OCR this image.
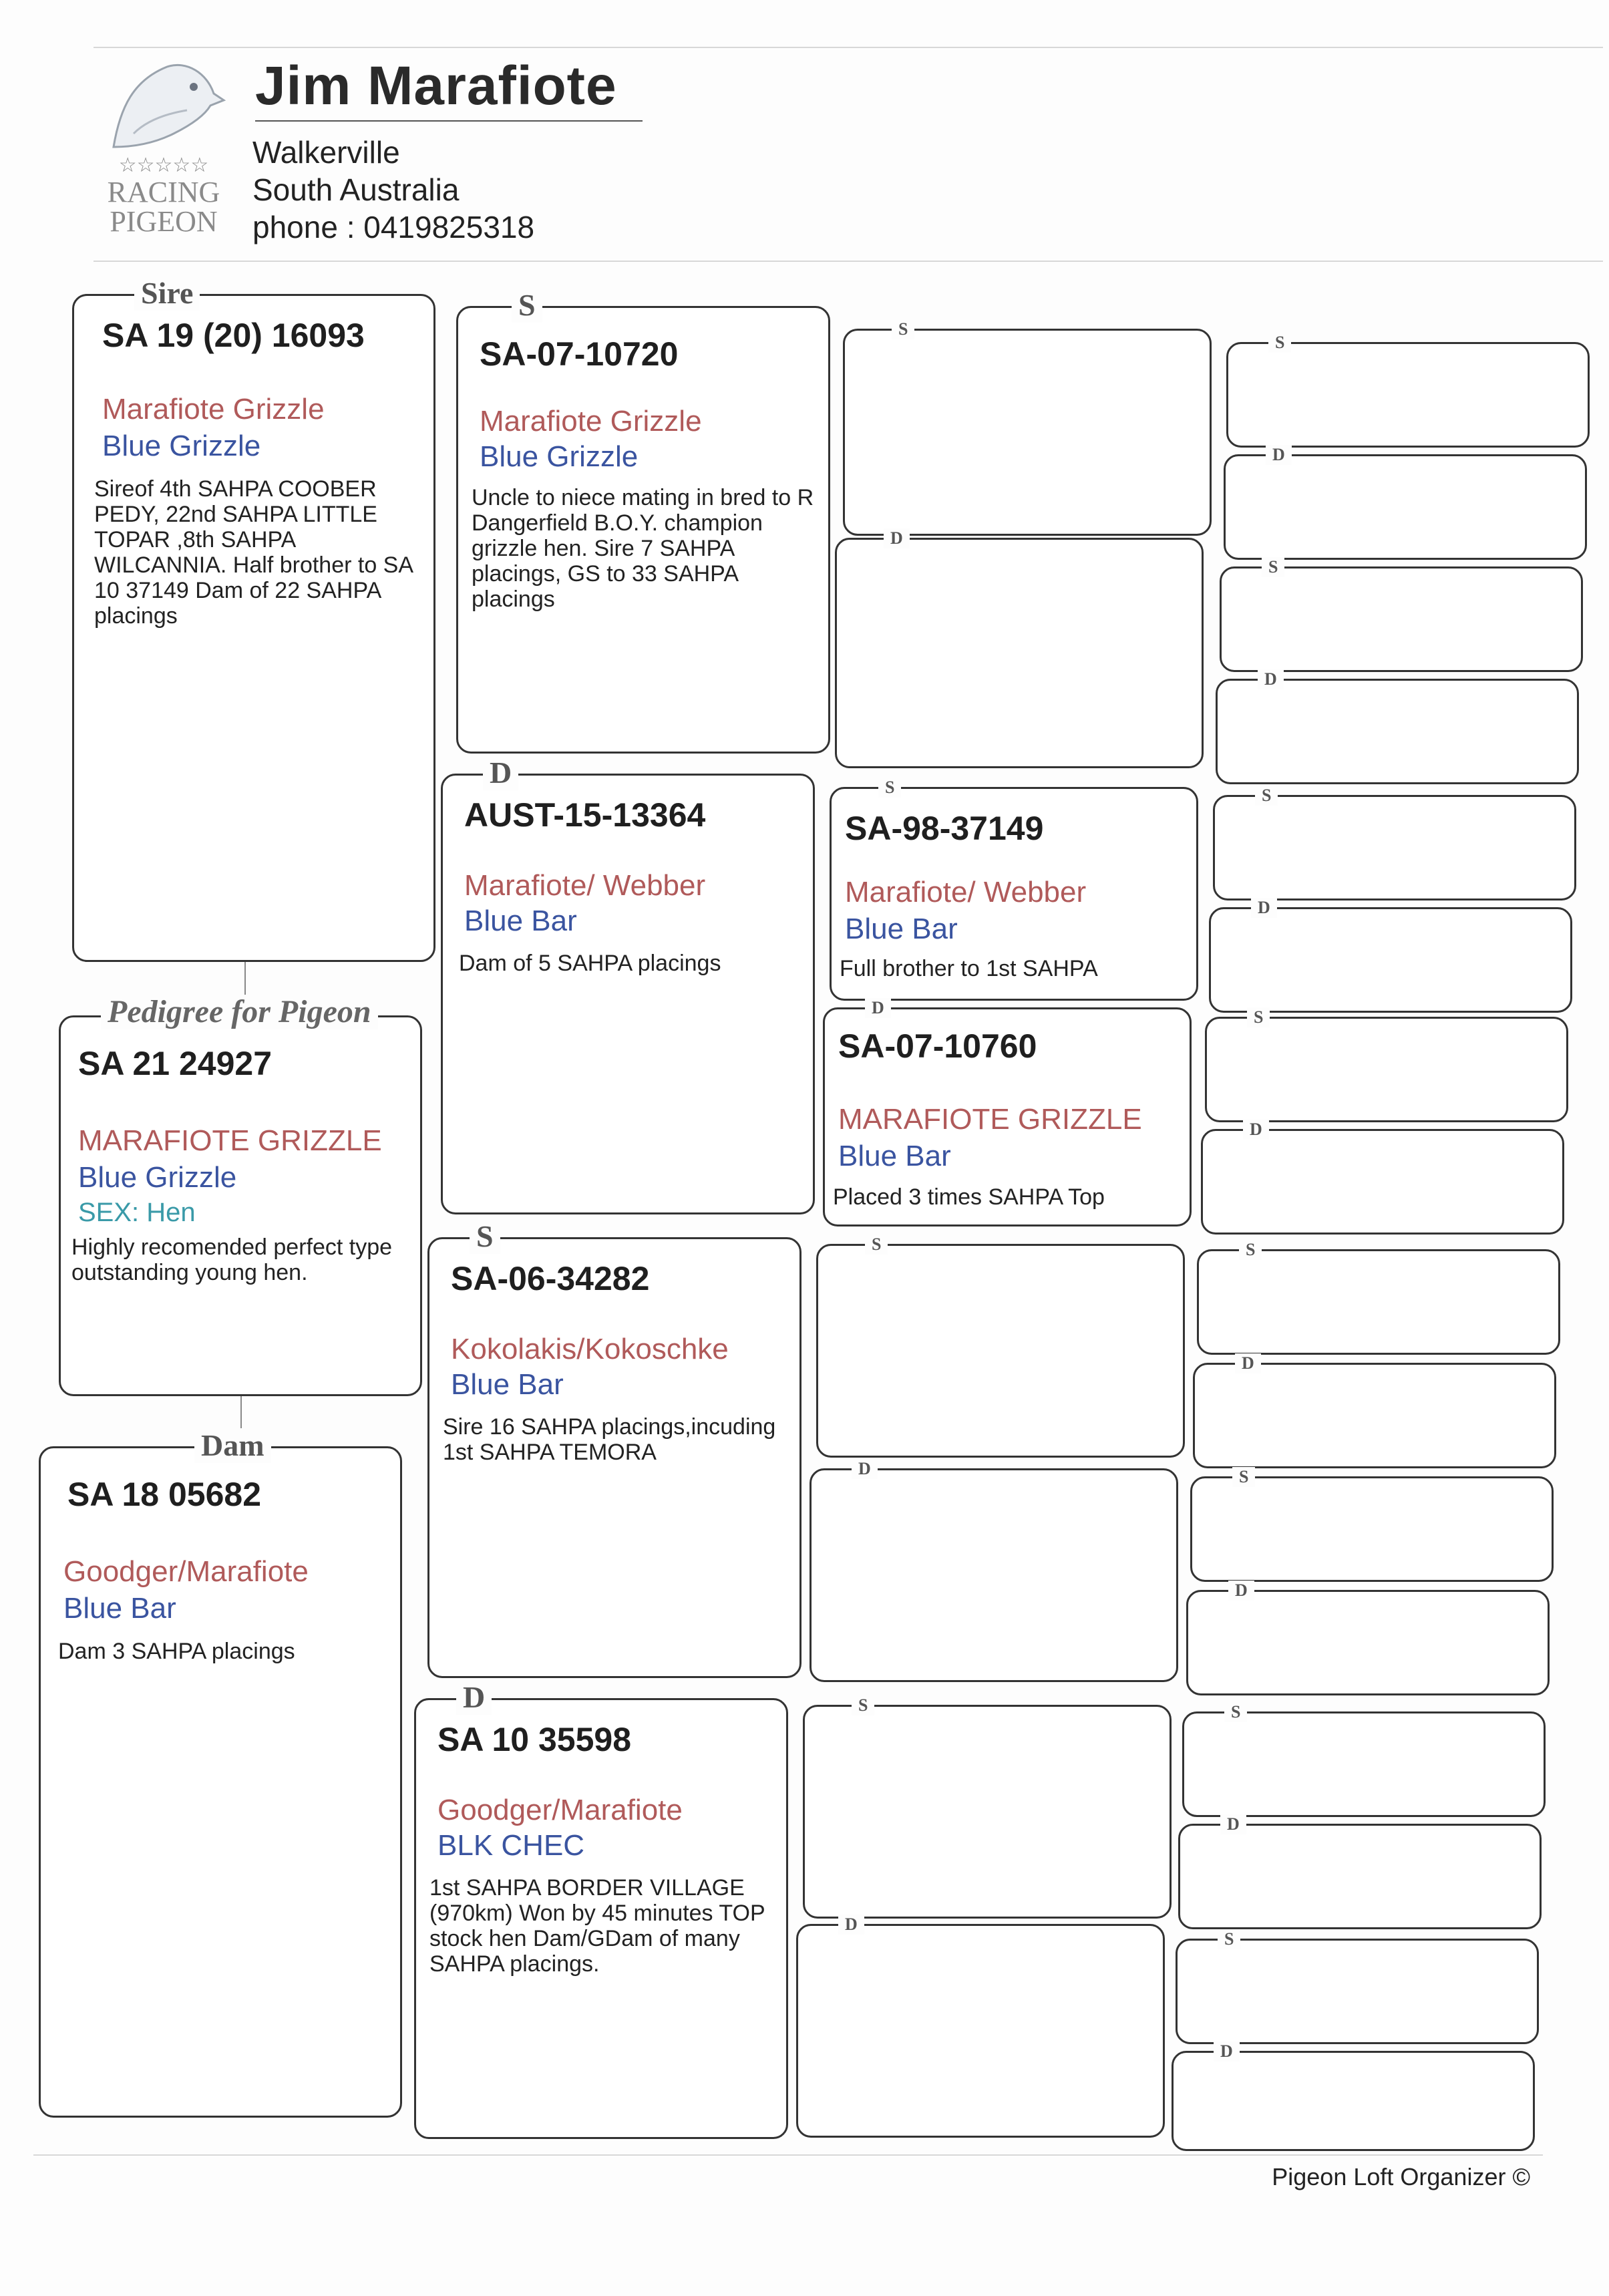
☆☆☆☆☆
RACING
PIGEON
Jim Marafiote
Walkerville
South Australia
phone : 0419825318
Sire
SA 19 (20) 16093
Marafiote Grizzle
Blue Grizzle
Sireof 4th SAHPA COOBER PEDY, 22nd SAHPA LITTLE TOPAR ,8th SAHPA WILCANNIA. Half brother to SA 10 37149 Dam of 22 SAHPA placings
Pedigree for Pigeon
SA 21 24927
MARAFIOTE GRIZZLE
Blue Grizzle
SEX: Hen
Highly recomended perfect type outstanding young hen.
Dam
SA 18 05682
Goodger/Marafiote
Blue Bar
Dam 3 SAHPA placings
S
SA-07-10720
Marafiote Grizzle
Blue Grizzle
Uncle to niece mating in bred to R Dangerfield B.O.Y. champion grizzle hen. Sire 7 SAHPA placings, GS to 33 SAHPA placings
D
AUST-15-13364
Marafiote/ Webber
Blue Bar
Dam of 5 SAHPA placings
S
SA-06-34282
Kokolakis/Kokoschke
Blue Bar
Sire 16 SAHPA placings,incuding 1st SAHPA TEMORA
D
SA 10 35598
Goodger/Marafiote
BLK CHEC
1st SAHPA BORDER VILLAGE (970km) Won by 45 minutes TOP stock hen Dam/GDam of many SAHPA placings.
S
D
S
SA-98-37149
Marafiote/ Webber
Blue Bar
Full brother to 1st SAHPA
D
SA-07-10760
MARAFIOTE GRIZZLE
Blue Bar
Placed 3 times SAHPA Top
S
D
S
D
S
D
S
D
S
D
S
D
S
D
S
D
S
D
S
D
Pigeon Loft Organizer ©
